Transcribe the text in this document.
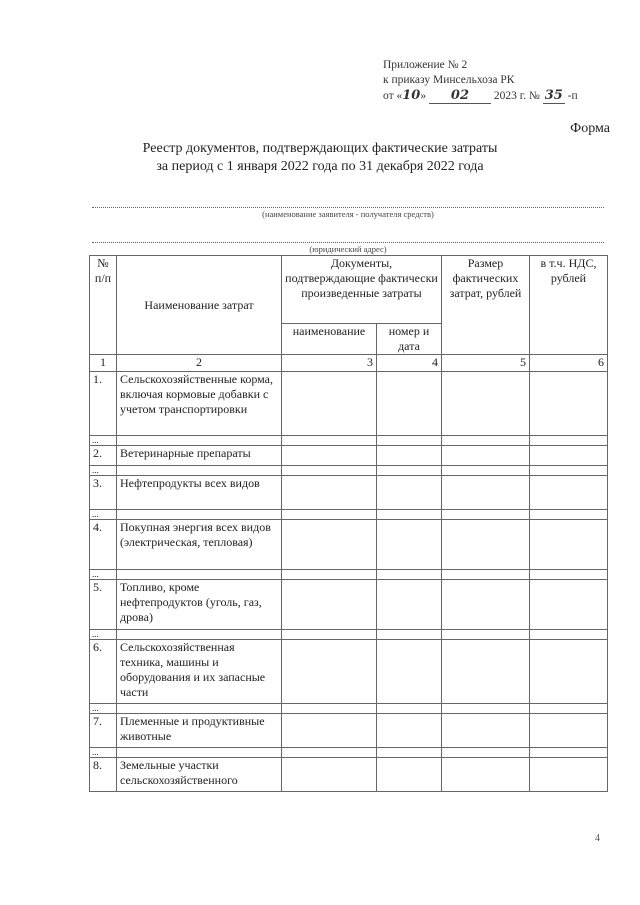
Приложение № 2
к приказу Минсельхоза РК
от «10» 02 2023 г. № 35 -п
Форма
Реестр документов, подтверждающих фактические затраты
за период с 1 января 2022 года по 31 декабря 2022 года
(наименование заявителя - получателя средств)
(юридический адрес)
№ п/п	Наименование затрат	Документы, подтверждающие фактически произведенные затраты		Размер фактических затрат, рублей	в т.ч. НДС, рублей
		наименование	номер и дата		
1	2	3	4	5	6
1.	Сельскохозяйственные корма, включая кормовые добавки с учетом транспортировки				
...					
2.	Ветеринарные препараты				
...					
3.	Нефтепродукты всех видов				
...					
4.	Покупная энергия всех видов (электрическая, тепловая)				
...					
5.	Топливо, кроме нефтепродуктов (уголь, газ, дрова)				
...					
6.	Сельскохозяйственная техника, машины и оборудования и их запасные части				
...					
7.	Племенные и продуктивные животные				
...					
8.	Земельные участки сельскохозяйственного				
4
